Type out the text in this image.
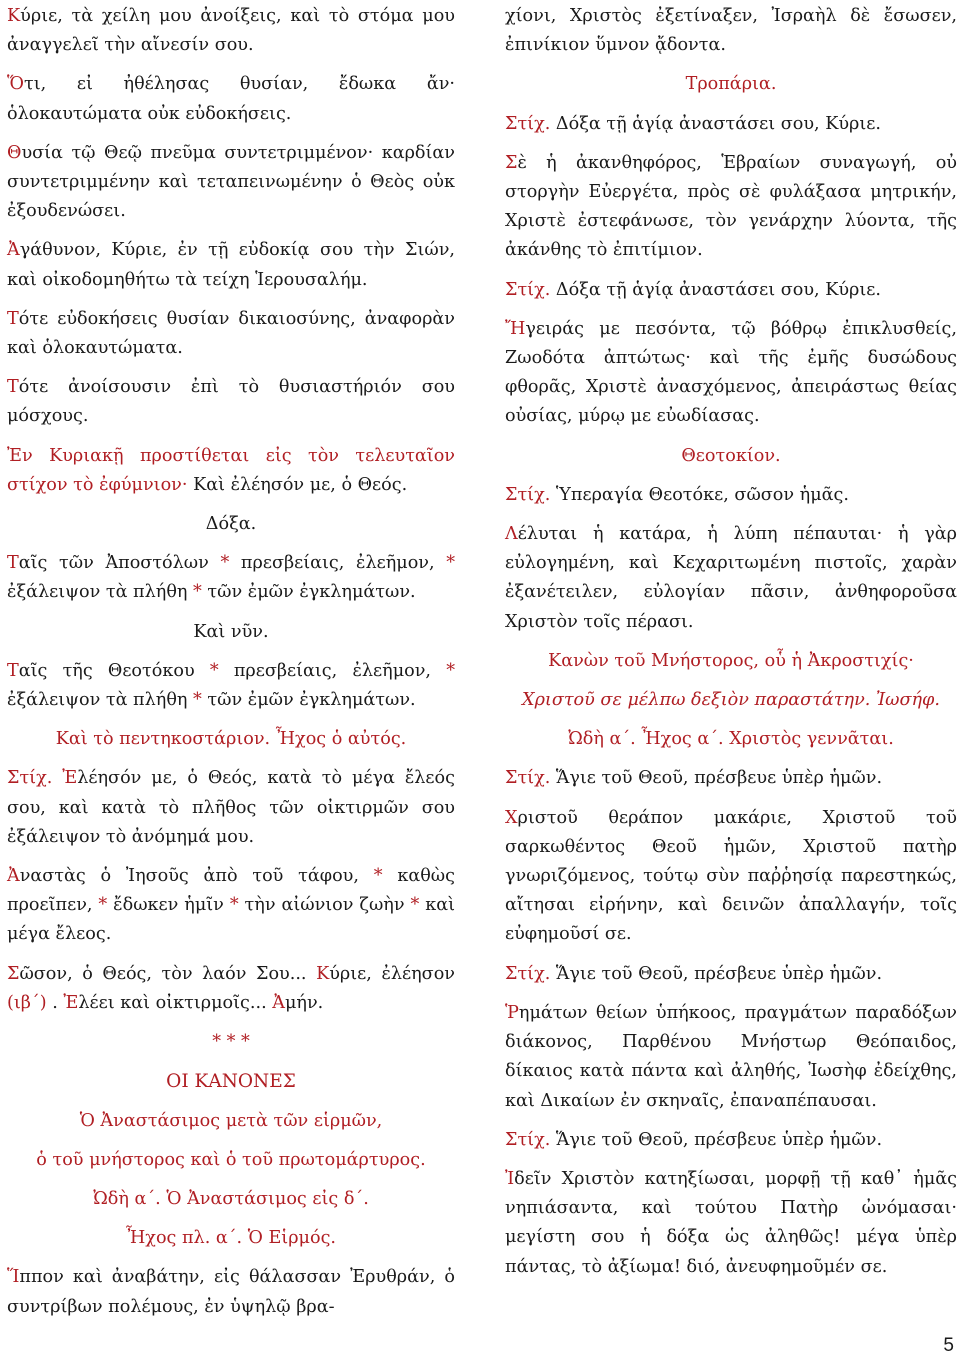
Κύριε, τὰ χείλη μου ἀνοίξεις, καὶ τὸ στόμα μου ἀναγγελεῖ τὴν αἴνεσίν σου.

Ὅτι, εἰ ἠθέλησας θυσίαν, ἔδωκα ἄν· ὁλοκαυτώματα οὐκ εὐδοκήσεις.

Θυσία τῷ Θεῷ πνεῦμα συντετριμμένον· καρδίαν συντετριμμένην καὶ τεταπεινωμένην ὁ Θεὸς οὐκ ἐξουδενώσει.

Ἀγάθυνον, Κύριε, ἐν τῇ εὐδοκίᾳ σου τὴν Σιών, καὶ οἰκοδομηθήτω τὰ τείχη Ἱερουσαλήμ.

Τότε εὐδοκήσεις θυσίαν δικαιοσύνης, ἀναφορὰν καὶ ὁλοκαυτώματα.

Τότε ἀνοίσουσιν ἐπὶ τὸ θυσιαστήριόν σου μόσχους.

Ἐν Κυριακῇ προστίθεται εἰς τὸν τελευταῖον στίχον τὸ ἐφύμνιον· Καὶ ἐλέησόν με, ὁ Θεός.

Δόξα.

Ταῖς τῶν Ἀποστόλων * πρεσβείαις, ἐλεῆμον, * ἐξάλειψον τὰ πλήθη * τῶν ἐμῶν ἐγκλημάτων.

Καὶ νῦν.

Ταῖς τῆς Θεοτόκου * πρεσβείαις, ἐλεῆμον, * ἐξάλειψον τὰ πλήθη * τῶν ἐμῶν ἐγκλημάτων.

Καὶ τὸ πεντηκοστάριον. Ἦχος ὁ αὐτός.

Στίχ. Ἐλέησόν με, ὁ Θεός, κατὰ τὸ μέγα ἔλεός σου, καὶ κατὰ τὸ πλῆθος τῶν οἰκτιρμῶν σου ἐξάλειψον τὸ ἀνόμημά μου.

Ἀναστὰς ὁ Ἰησοῦς ἀπὸ τοῦ τάφου, * καθὼς προεῖπεν, * ἔδωκεν ἡμῖν * τὴν αἰώνιον ζωὴν * καὶ μέγα ἔλεος.

Σῶσον, ὁ Θεός, τὸν λαόν Σου... Κύριε, ἐλέησον (ιβ΄) . Ἐλέει καὶ οἰκτιρμοῖς... Ἀμήν.

* * *

ΟΙ ΚΑΝΟΝΕΣ

Ὁ Ἀναστάσιμος μετὰ τῶν εἱρμῶν,

ὁ τοῦ μνήστορος καὶ ὁ τοῦ πρωτομάρτυρος.

Ὠδὴ α΄. Ὁ Ἀναστάσιμος εἰς δ΄.

Ἦχος πλ. α΄. Ὁ Εἱρμός.

Ἵππον καὶ ἀναβάτην, εἰς θάλασσαν Ἐρυθράν, ὁ συντρίβων πολέμους, ἐν ὑψηλῷ βρα-

χίονι, Χριστὸς ἐξετίναξεν, Ἰσραὴλ δὲ ἔσωσεν, ἐπινίκιον ὕμνον ᾄδοντα.

Τροπάρια.

Στίχ. Δόξα τῇ ἁγίᾳ ἀναστάσει σου, Κύριε.

Σὲ ἡ ἀκανθηφόρος, Ἑβραίων συναγωγή, οὐ στοργὴν Εὐεργέτα, πρὸς σὲ φυλάξασα μητρικήν, Χριστὲ ἐστεφάνωσε, τὸν γενάρχην λύοντα, τῆς ἀκάνθης τὸ ἐπιτίμιον.

Στίχ. Δόξα τῇ ἁγίᾳ ἀναστάσει σου, Κύριε.

Ἤγειράς με πεσόντα, τῷ βόθρῳ ἐπικλυσθείς, Ζωοδότα ἀπτώτως· καὶ τῆς ἐμῆς δυσώδους φθορᾶς, Χριστὲ ἀνασχόμενος, ἀπειράστως θείας οὐσίας, μύρῳ με εὐωδίασας.

Θεοτοκίον.

Στίχ. Ὑπεραγία Θεοτόκε, σῶσον ἡμᾶς.

Λέλυται ἡ κατάρα, ἡ λύπη πέπαυται· ἡ γὰρ εὐλογημένη, καὶ Κεχαριτωμένη πιστοῖς, χαρὰν ἐξανέτειλεν, εὐλογίαν πᾶσιν, ἀνθηφοροῦσα Χριστὸν τοῖς πέρασι.

Κανὼν τοῦ Μνήστορος, οὗ ἡ Ἀκροστιχίς·

Χριστοῦ σε μέλπω δεξιὸν παραστάτην. Ἰωσήφ.

Ὠδὴ α΄. Ἦχος α΄. Χριστὸς γεννᾶται.

Στίχ. Ἅγιε τοῦ Θεοῦ, πρέσβευε ὑπὲρ ἡμῶν.

Χριστοῦ θεράπον μακάριε, Χριστοῦ τοῦ σαρκωθέντος Θεοῦ ἡμῶν, Χριστοῦ πατὴρ γνωριζόμενος, τούτῳ σὺν παῤῥησίᾳ παρεστηκώς, αἴτησαι εἰρήνην, καὶ δεινῶν ἀπαλλαγήν, τοῖς εὐφημοῦσί σε.

Στίχ. Ἅγιε τοῦ Θεοῦ, πρέσβευε ὑπὲρ ἡμῶν.

Ῥημάτων θείων ὑπήκοος, πραγμάτων παραδόξων διάκονος, Παρθένου Μνήστωρ Θεόπαιδος, δίκαιος κατὰ πάντα καὶ ἀληθής, Ἰωσὴφ ἐδείχθης, καὶ Δικαίων ἐν σκηναῖς, ἐπαναπέπαυσαι.

Στίχ. Ἅγιε τοῦ Θεοῦ, πρέσβευε ὑπὲρ ἡμῶν.

Ἰδεῖν Χριστὸν κατηξίωσαι, μορφῇ τῇ καθ᾽ ἡμᾶς νηπιάσαντα, καὶ τούτου Πατὴρ ὠνόμασαι· μεγίστη σου ἡ δόξα ὡς ἀληθῶς! μέγα ὑπὲρ πάντας, τὸ ἀξίωμα! διό, ἀνευφημοῦμέν σε.

5
